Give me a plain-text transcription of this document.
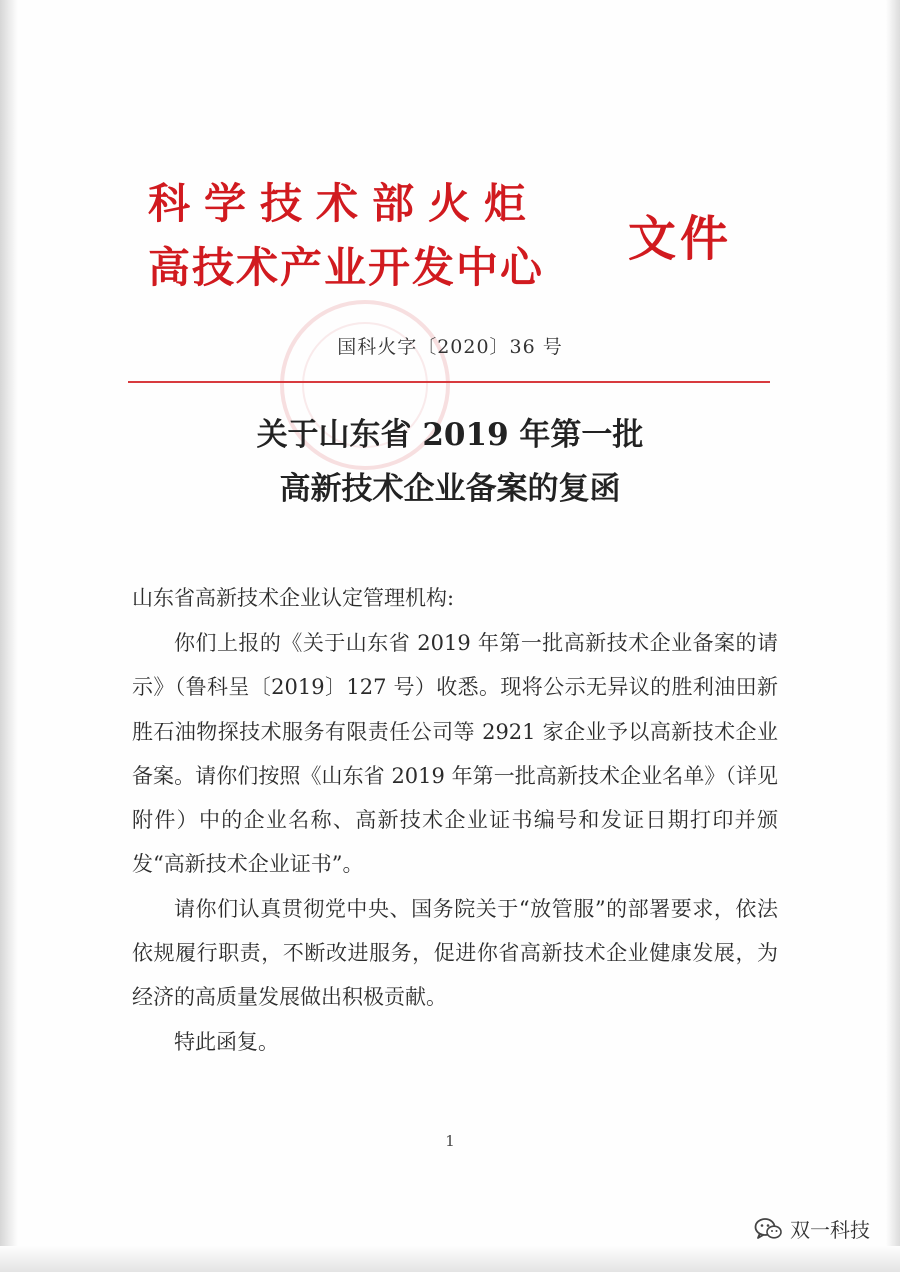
科学技术部火炬
高技术产业开发中心
文件
国科火字〔2020〕36 号
关于山东省 2019 年第一批
高新技术企业备案的复函
山东省高新技术企业认定管理机构:

你们上报的《关于山东省 2019 年第一批高新技术企业备案的请示》（鲁科呈〔2019〕127 号）收悉。现将公示无异议的胜利油田新胜石油物探技术服务有限责任公司等 2921 家企业予以高新技术企业备案。请你们按照《山东省 2019 年第一批高新技术企业名单》（详见附件）中的企业名称、高新技术企业证书编号和发证日期打印并颁发“高新技术企业证书”。

请你们认真贯彻党中央、国务院关于“放管服”的部署要求，依法依规履行职责，不断改进服务，促进你省高新技术企业健康发展，为经济的高质量发展做出积极贡献。

特此函复。

1
双一科技
